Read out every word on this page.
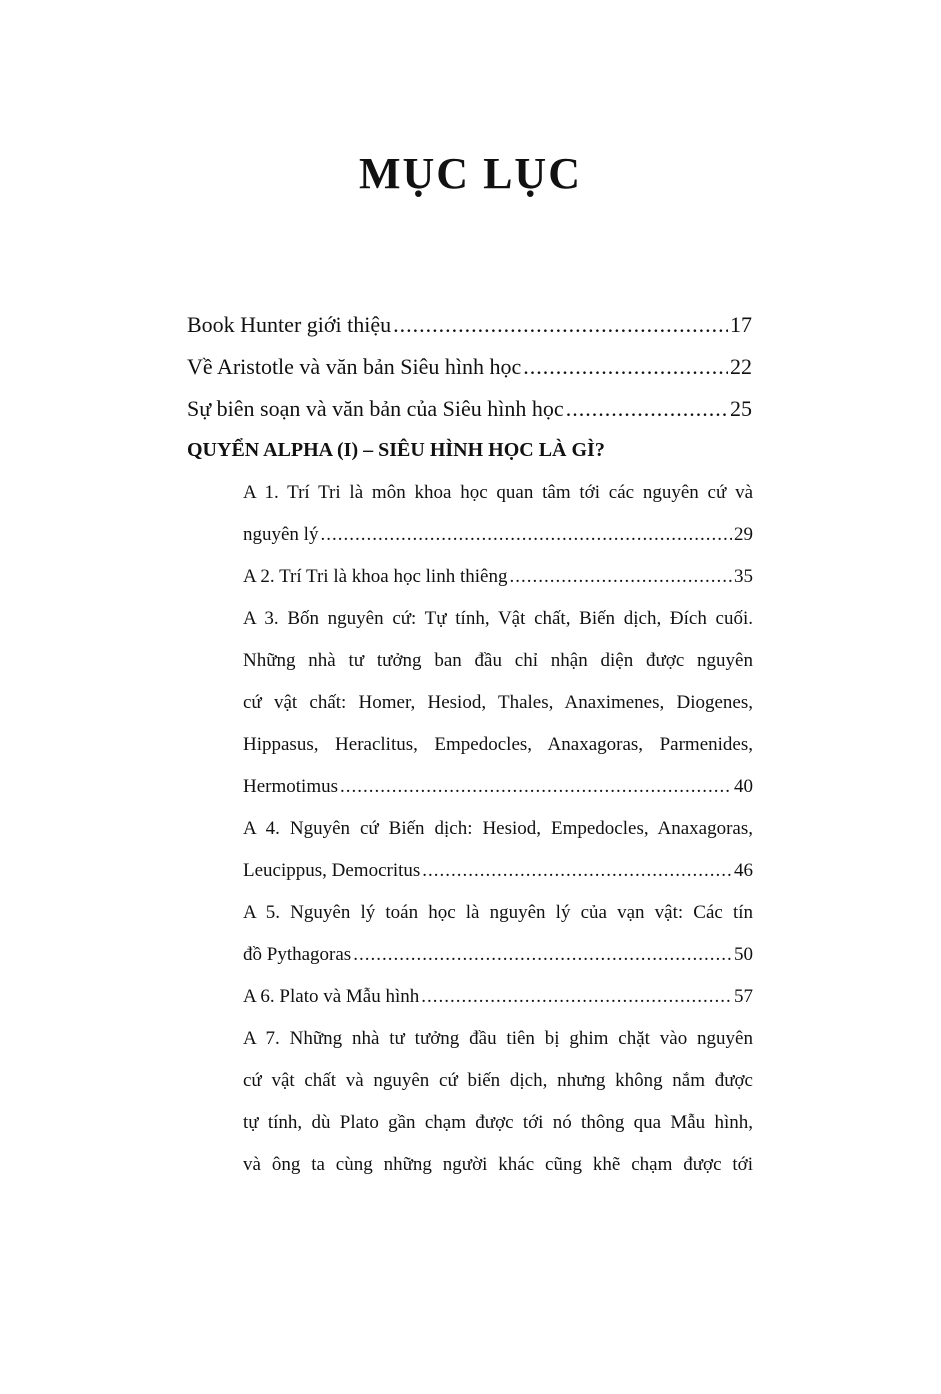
MỤC LỤC
Book Hunter giới thiệu .....	17
Về Aristotle và văn bản Siêu hình học .....	22
Sự biên soạn và văn bản của Siêu hình học .....	25
QUYỂN ALPHA (I) – SIÊU HÌNH HỌC LÀ GÌ?
A 1. Trí Tri là môn khoa học quan tâm tới các nguyên cứ và
nguyên lý .....	29
A 2. Trí Tri là khoa học linh thiêng .....	35
A 3. Bốn nguyên cứ: Tự tính, Vật chất, Biến dịch, Đích cuối.
Những nhà tư tưởng ban đầu chỉ nhận diện được nguyên
cứ vật chất: Homer, Hesiod, Thales, Anaximenes, Diogenes,
Hippasus, Heraclitus, Empedocles, Anaxagoras, Parmenides,
Hermotimus .....	40
A 4. Nguyên cứ Biến dịch: Hesiod, Empedocles, Anaxagoras,
Leucippus, Democritus .....	46
A 5. Nguyên lý toán học là nguyên lý của vạn vật: Các tín
đồ Pythagoras .....	50
A 6. Plato và Mẫu hình .....	57
A 7. Những nhà tư tưởng đầu tiên bị ghim chặt vào nguyên
cứ vật chất và nguyên cứ biến dịch, nhưng không nắm được
tự tính, dù Plato gần chạm được tới nó thông qua Mẫu hình,
và ông ta cùng những người khác cũng khẽ chạm được tới
